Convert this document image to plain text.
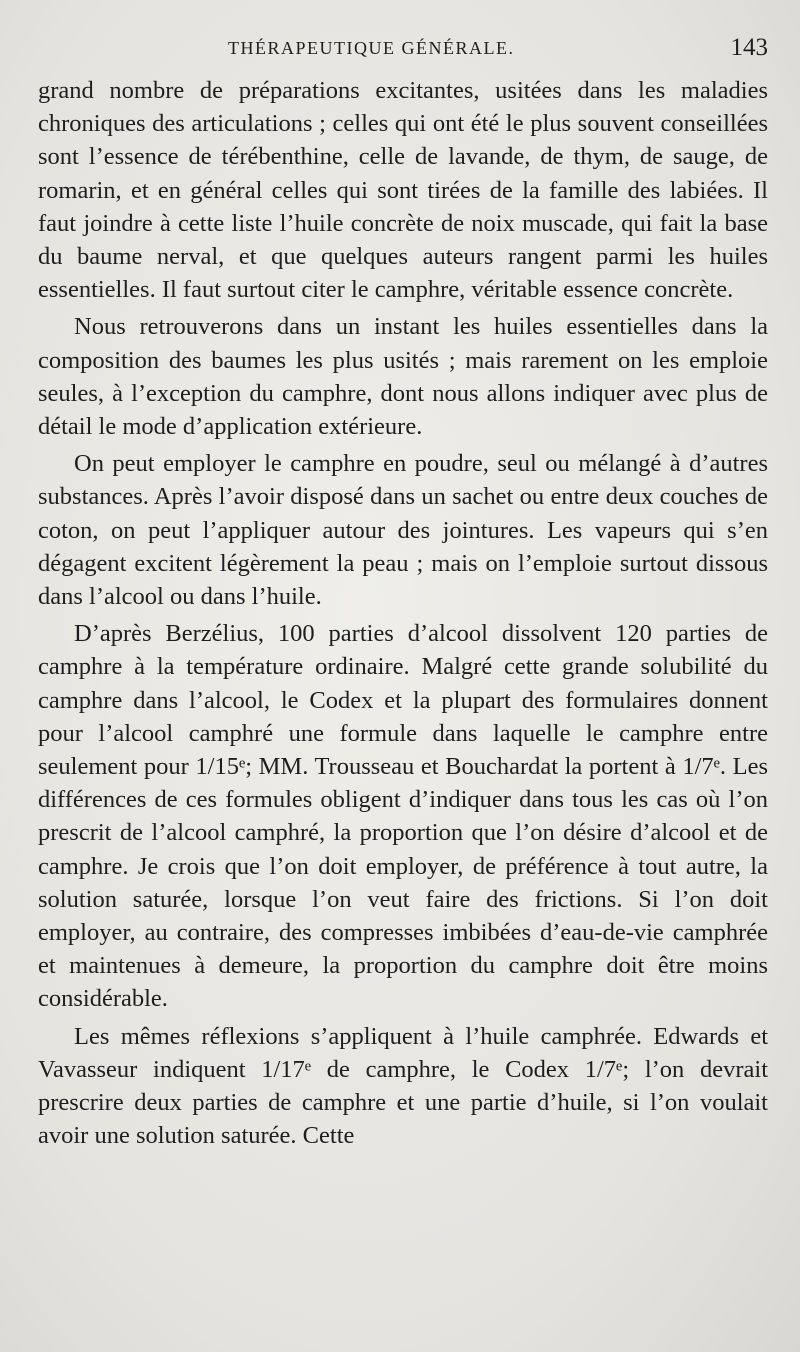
THÉRAPEUTIQUE GÉNÉRALE.	143

grand nombre de préparations excitantes, usitées dans les maladies chroniques des articulations ; celles qui ont été le plus souvent conseillées sont l’essence de térébenthine, celle de lavande, de thym, de sauge, de romarin, et en général celles qui sont tirées de la famille des labiées. Il faut joindre à cette liste l’huile concrète de noix muscade, qui fait la base du baume nerval, et que quelques auteurs rangent parmi les huiles essentielles. Il faut surtout citer le camphre, véritable essence concrète.

Nous retrouverons dans un instant les huiles essentielles dans la composition des baumes les plus usités ; mais rarement on les emploie seules, à l’exception du camphre, dont nous allons indiquer avec plus de détail le mode d’application extérieure.

On peut employer le camphre en poudre, seul ou mélangé à d’autres substances. Après l’avoir disposé dans un sachet ou entre deux couches de coton, on peut l’appliquer autour des jointures. Les vapeurs qui s’en dégagent excitent légèrement la peau ; mais on l’emploie surtout dissous dans l’alcool ou dans l’huile.

D’après Berzélius, 100 parties d’alcool dissolvent 120 parties de camphre à la température ordinaire. Malgré cette grande solubilité du camphre dans l’alcool, le Codex et la plupart des formulaires donnent pour l’alcool camphré une formule dans laquelle le camphre entre seulement pour 1/15ᵉ; MM. Trousseau et Bouchardat la portent à 1/7ᵉ. Les différences de ces formules obligent d’indiquer dans tous les cas où l’on prescrit de l’alcool camphré, la proportion que l’on désire d’alcool et de camphre. Je crois que l’on doit employer, de préférence à tout autre, la solution saturée, lorsque l’on veut faire des frictions. Si l’on doit employer, au contraire, des compresses imbibées d’eau-de-vie camphrée et maintenues à demeure, la proportion du camphre doit être moins considérable.

Les mêmes réflexions s’appliquent à l’huile camphrée. Edwards et Vavasseur indiquent 1/17ᵉ de camphre, le Codex 1/7ᵉ; l’on devrait prescrire deux parties de camphre et une partie d’huile, si l’on voulait avoir une solution saturée. Cette
